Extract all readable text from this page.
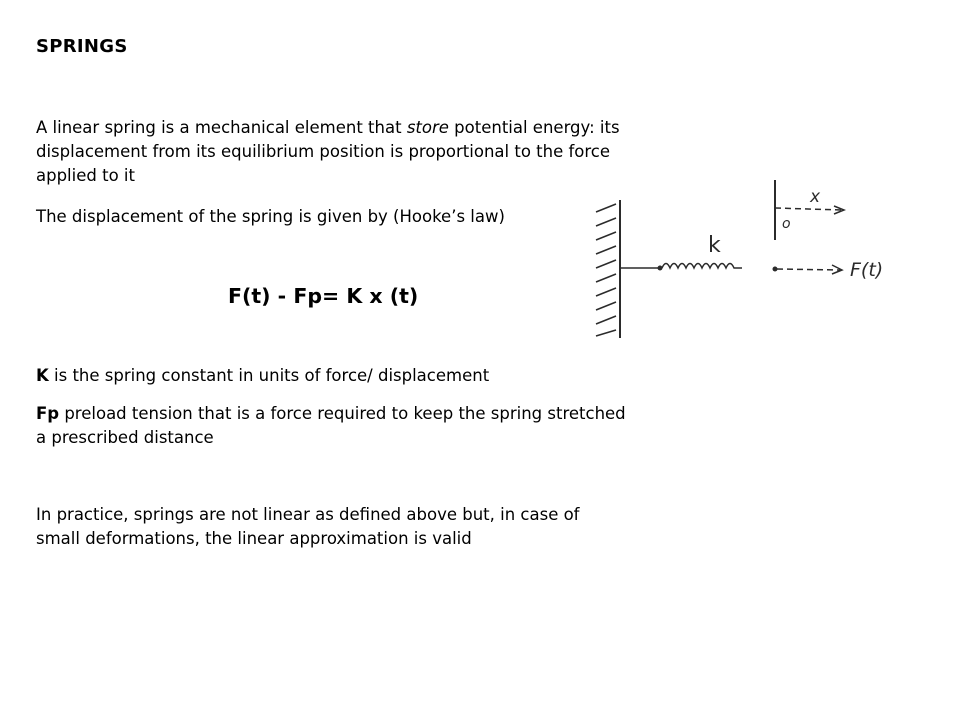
SPRINGS
A linear spring is a mechanical element that store potential energy: its displacement from its equilibrium position is proportional to the force applied to it
The displacement of the spring is given by (Hooke’s law)
F(t) - Fp= K x (t)
K is the spring constant in units of force/ displacement
Fp preload tension that is a force required to keep the spring stretched a prescribed distance
In practice, springs are not linear as defined above but, in case of small deformations, the linear approximation is valid
F(t)
k
x
o
